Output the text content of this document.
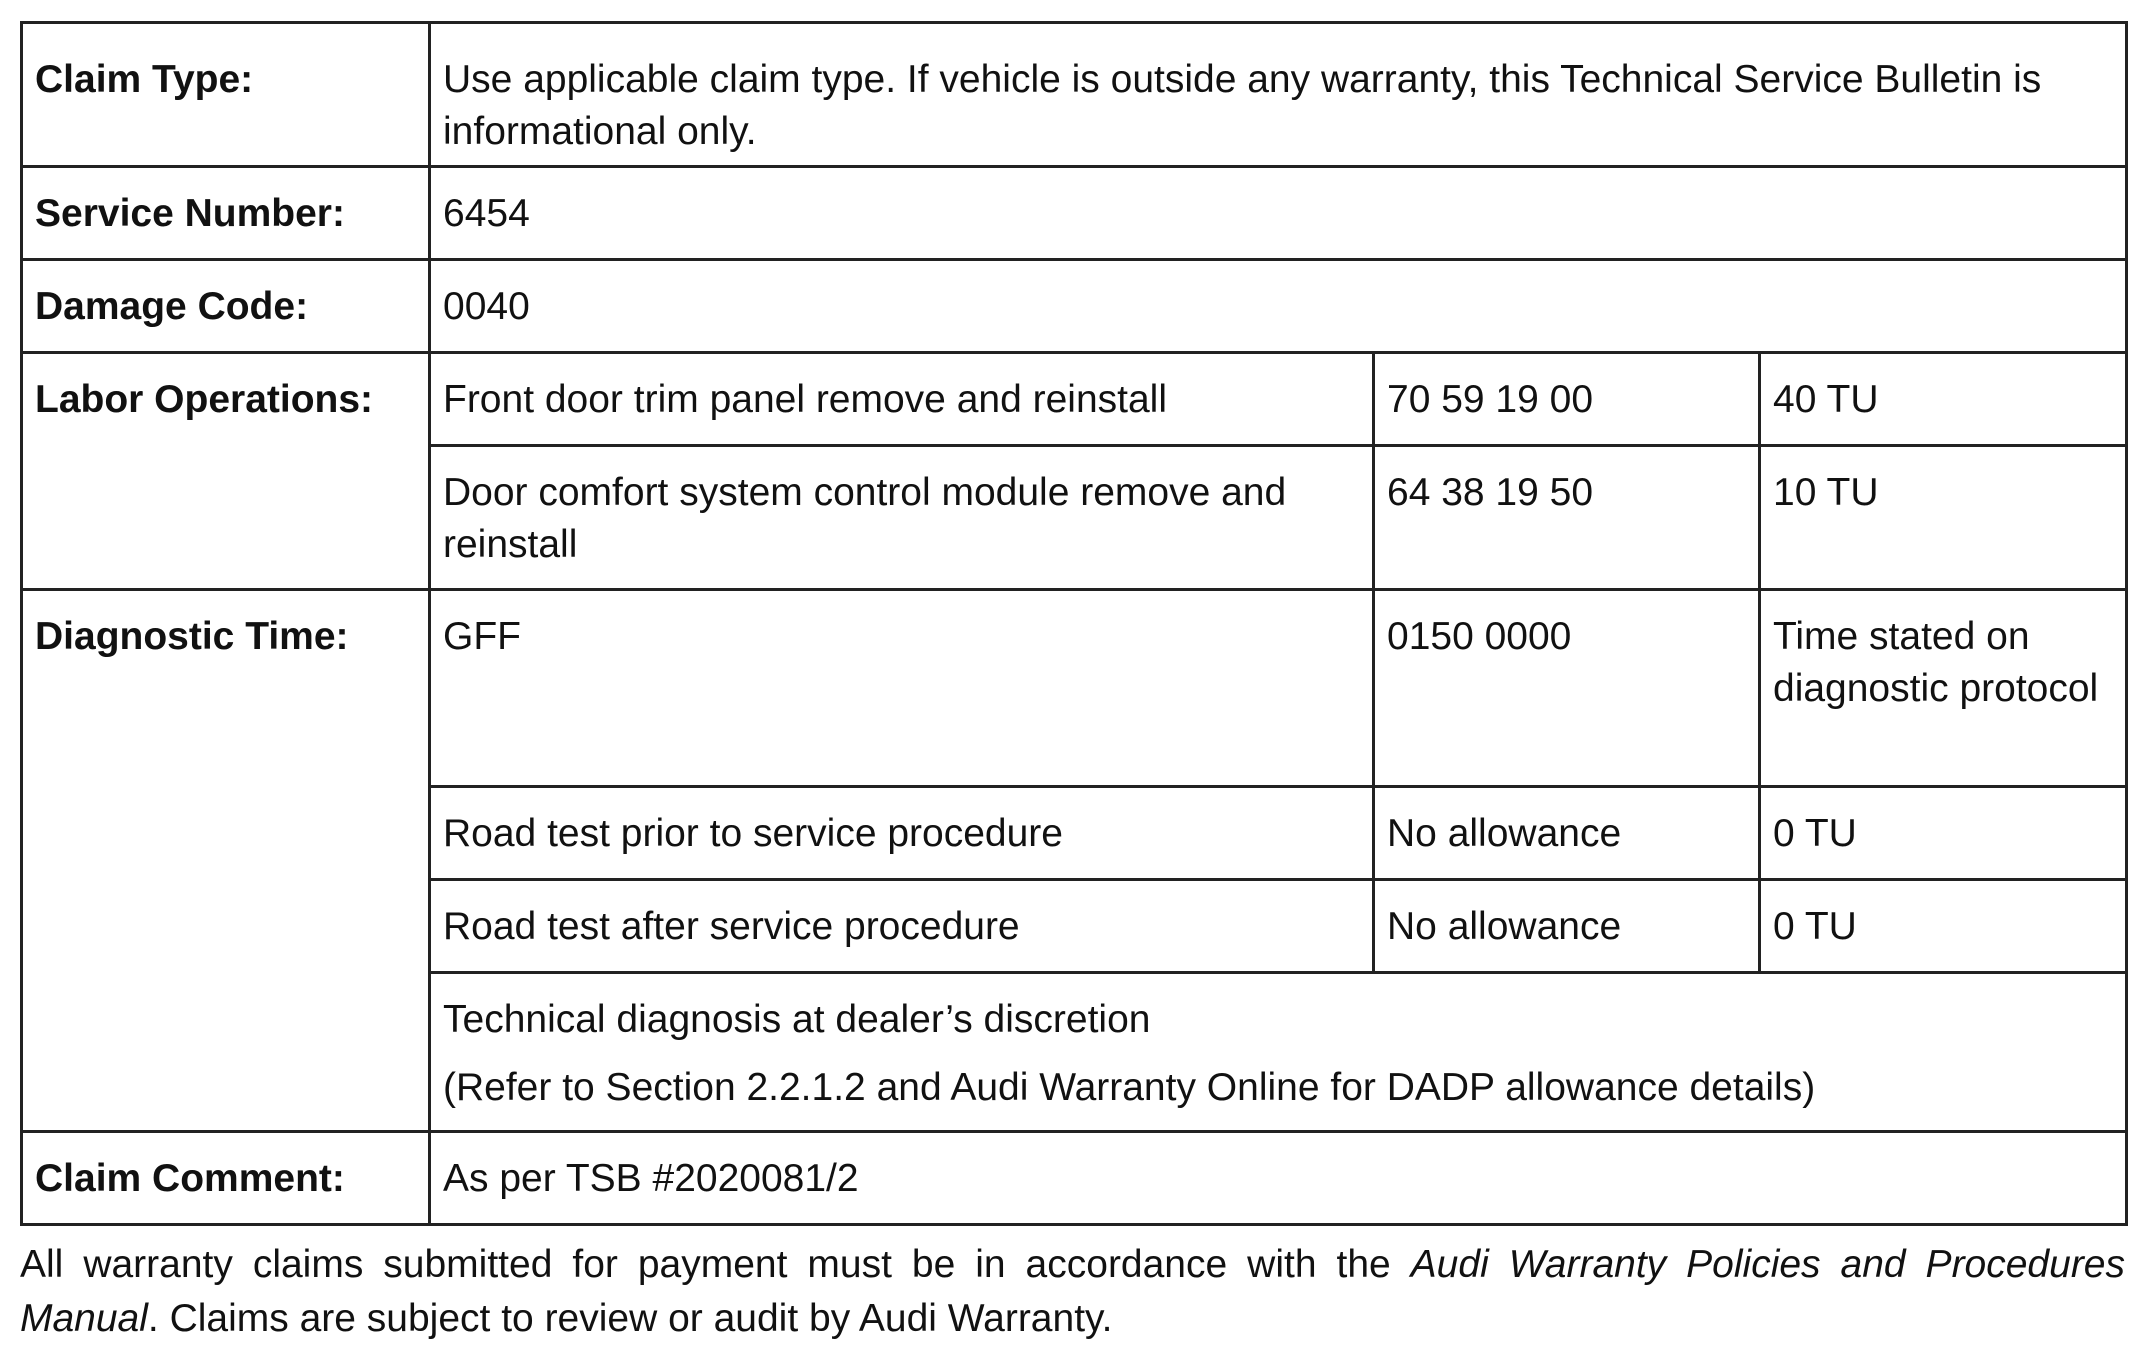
Claim Type:	Use applicable claim type. If vehicle is outside any warranty, this Technical Service Bulletin is informational only.		
Service Number:	6454		
Damage Code:	0040		
Labor Operations:	Front door trim panel remove and reinstall	70 59 19 00	40 TU
	Door comfort system control module remove and reinstall	64 38 19 50	10 TU
Diagnostic Time:	GFF	0150 0000	Time stated on diagnostic protocol
	Road test prior to service procedure	No allowance	0 TU
	Road test after service procedure	No allowance	0 TU
	Technical diagnosis at dealer’s discretion
(Refer to Section 2.2.1.2 and Audi Warranty Online for DADP allowance details)		

Claim Comment:	As per TSB #2020081/2		

All warranty claims submitted for payment must be in accordance with the Audi Warranty Policies and Procedures Manual. Claims are subject to review or audit by Audi Warranty.
